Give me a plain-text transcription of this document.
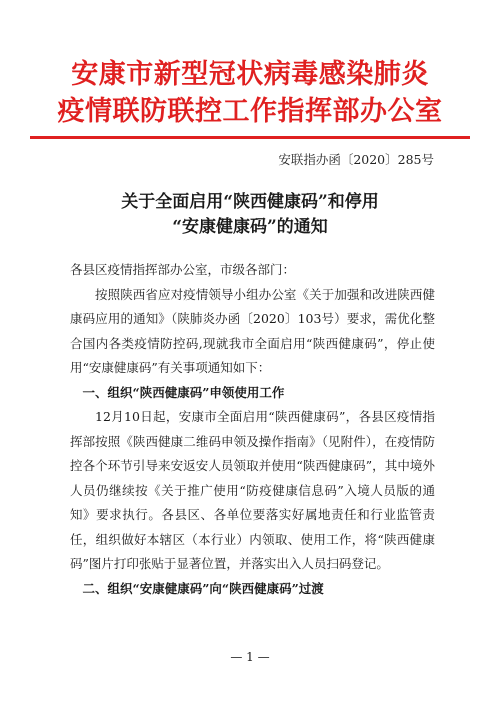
安康市新型冠状病毒感染肺炎
疫情联防联控工作指挥部办公室
安联指办函〔2020〕285号
关于全面启用“陕西健康码”和停用
“安康健康码”的通知

各县区疫情指挥部办公室，市级各部门：

按照陕西省应对疫情领导小组办公室《关于加强和改进陕西健康码应用的通知》（陕肺炎办函〔2020〕103号）要求，需优化整合国内各类疫情防控码,现就我市全面启用“陕西健康码”，停止使用“安康健康码”有关事项通知如下：

一、组织“陕西健康码”申领使用工作

12月10日起，安康市全面启用“陕西健康码”，各县区疫情指挥部按照《陕西健康二维码申领及操作指南》（见附件），在疫情防控各个环节引导来安返安人员领取并使用“陕西健康码”，其中境外人员仍继续按《关于推广使用“防疫健康信息码”入境人员版的通知》要求执行。各县区、各单位要落实好属地责任和行业监管责任，组织做好本辖区（本行业）内领取、使用工作，将“陕西健康码”图片打印张贴于显著位置，并落实出入人员扫码登记。

二、组织“安康健康码”向“陕西健康码”过渡

— 1 —
